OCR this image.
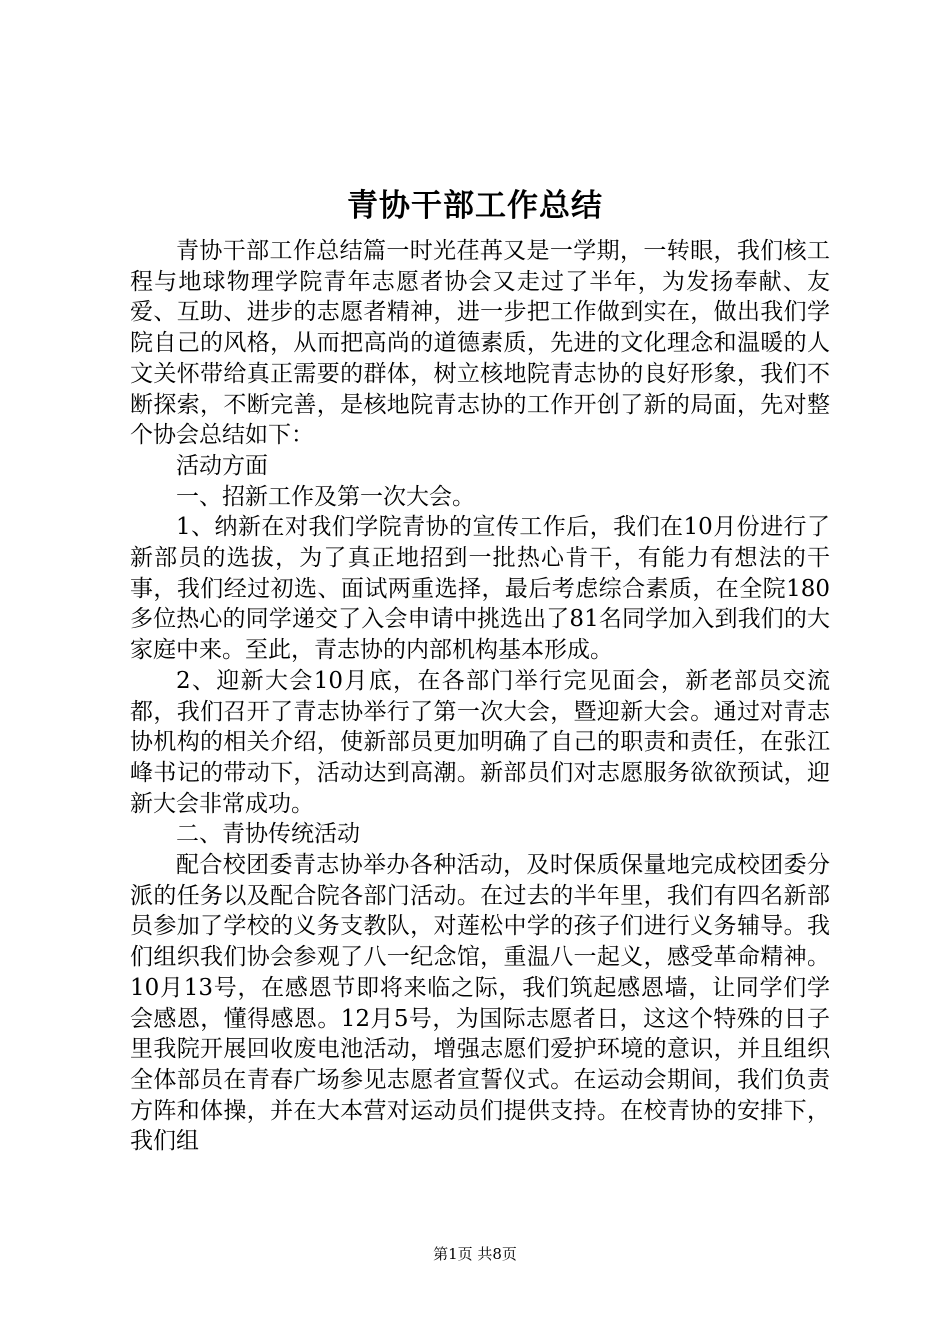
青协干部工作总结

青协干部工作总结篇一时光荏苒又是一学期，一转眼，我们核工程与地球物理学院青年志愿者协会又走过了半年，为发扬奉献、友爱、互助、进步的志愿者精神，进一步把工作做到实在，做出我们学院自己的风格，从而把高尚的道德素质，先进的文化理念和温暖的人文关怀带给真正需要的群体，树立核地院青志协的良好形象，我们不断探索，不断完善，是核地院青志协的工作开创了新的局面，先对整个协会总结如下：

活动方面

一、招新工作及第一次大会。

1、纳新在对我们学院青协的宣传工作后，我们在10月份进行了新部员的选拔，为了真正地招到一批热心肯干，有能力有想法的干事，我们经过初选、面试两重选择，最后考虑综合素质，在全院180多位热心的同学递交了入会申请中挑选出了81名同学加入到我们的大家庭中来。至此，青志协的内部机构基本形成。

2、迎新大会10月底，在各部门举行完见面会，新老部员交流都，我们召开了青志协举行了第一次大会，暨迎新大会。通过对青志协机构的相关介绍，使新部员更加明确了自己的职责和责任，在张江峰书记的带动下，活动达到高潮。新部员们对志愿服务欲欲预试，迎新大会非常成功。

二、青协传统活动

配合校团委青志协举办各种活动，及时保质保量地完成校团委分派的任务以及配合院各部门活动。在过去的半年里，我们有四名新部员参加了学校的义务支教队，对莲松中学的孩子们进行义务辅导。我们组织我们协会参观了八一纪念馆，重温八一起义，感受革命精神。10月13号，在感恩节即将来临之际，我们筑起感恩墙，让同学们学会感恩，懂得感恩。12月5号，为国际志愿者日，这这个特殊的日子里我院开展回收废电池活动，增强志愿们爱护环境的意识，并且组织全体部员在青春广场参见志愿者宣誓仪式。在运动会期间，我们负责方阵和体操，并在大本营对运动员们提供支持。在校青协的安排下，我们组

第1页 共8页
